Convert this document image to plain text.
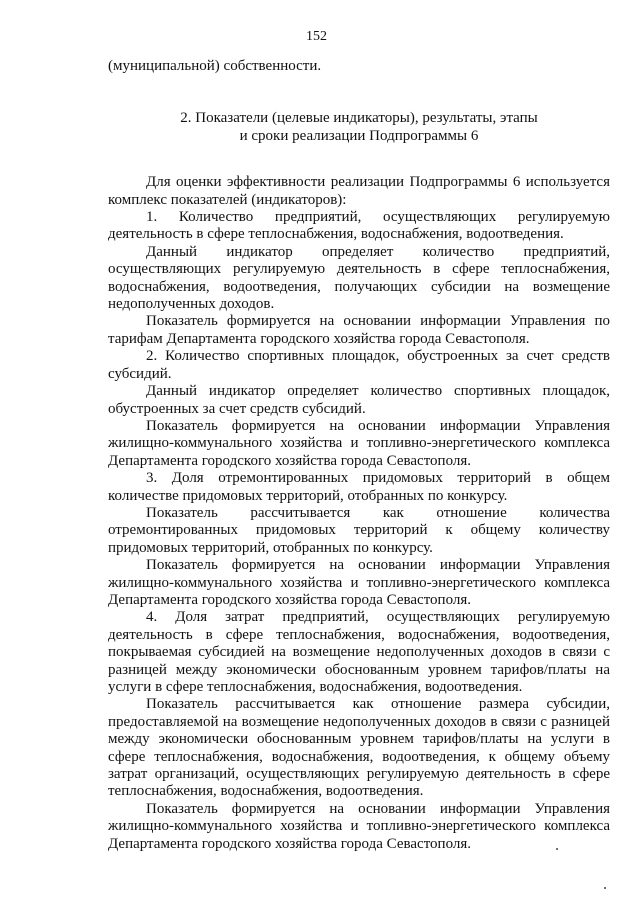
152

(муниципальной) собственности.

2. Показатели (целевые индикаторы), результаты, этапы
и сроки реализации Подпрограммы 6

Для оценки эффективности реализации Подпрограммы 6 используется комплекс показателей (индикаторов):

1. Количество предприятий, осуществляющих регулируемую деятельность в сфере теплоснабжения, водоснабжения, водоотведения.

Данный индикатор определяет количество предприятий, осуществляющих регулируемую деятельность в сфере теплоснабжения, водоснабжения, водоотведения, получающих субсидии на возмещение недополученных доходов.

Показатель формируется на основании информации Управления по тарифам Департамента городского хозяйства города Севастополя.

2. Количество спортивных площадок, обустроенных за счет средств субсидий.

Данный индикатор определяет количество спортивных площадок, обустроенных за счет средств субсидий.

Показатель формируется на основании информации Управления жилищно-коммунального хозяйства и топливно-энергетического комплекса Департамента городского хозяйства города Севастополя.

3. Доля отремонтированных придомовых территорий в общем количестве придомовых территорий, отобранных по конкурсу.

Показатель рассчитывается как отношение количества отремонтированных придомовых территорий к общему количеству придомовых территорий, отобранных по конкурсу.

Показатель формируется на основании информации Управления жилищно-коммунального хозяйства и топливно-энергетического комплекса Департамента городского хозяйства города Севастополя.

4. Доля затрат предприятий, осуществляющих регулируемую деятельность в сфере теплоснабжения, водоснабжения, водоотведения, покрываемая субсидией на возмещение недополученных доходов в связи с разницей между экономически обоснованным уровнем тарифов/платы на услуги в сфере теплоснабжения, водоснабжения, водоотведения.

Показатель рассчитывается как отношение размера субсидии, предоставляемой на возмещение недополученных доходов в связи с разницей между экономически обоснованным уровнем тарифов/платы на услуги в сфере теплоснабжения, водоснабжения, водоотведения, к общему объему затрат организаций, осуществляющих регулируемую деятельность в сфере теплоснабжения, водоснабжения, водоотведения.

Показатель формируется на основании информации Управления жилищно-коммунального хозяйства и топливно-энергетического комплекса Департамента городского хозяйства города Севастополя.
